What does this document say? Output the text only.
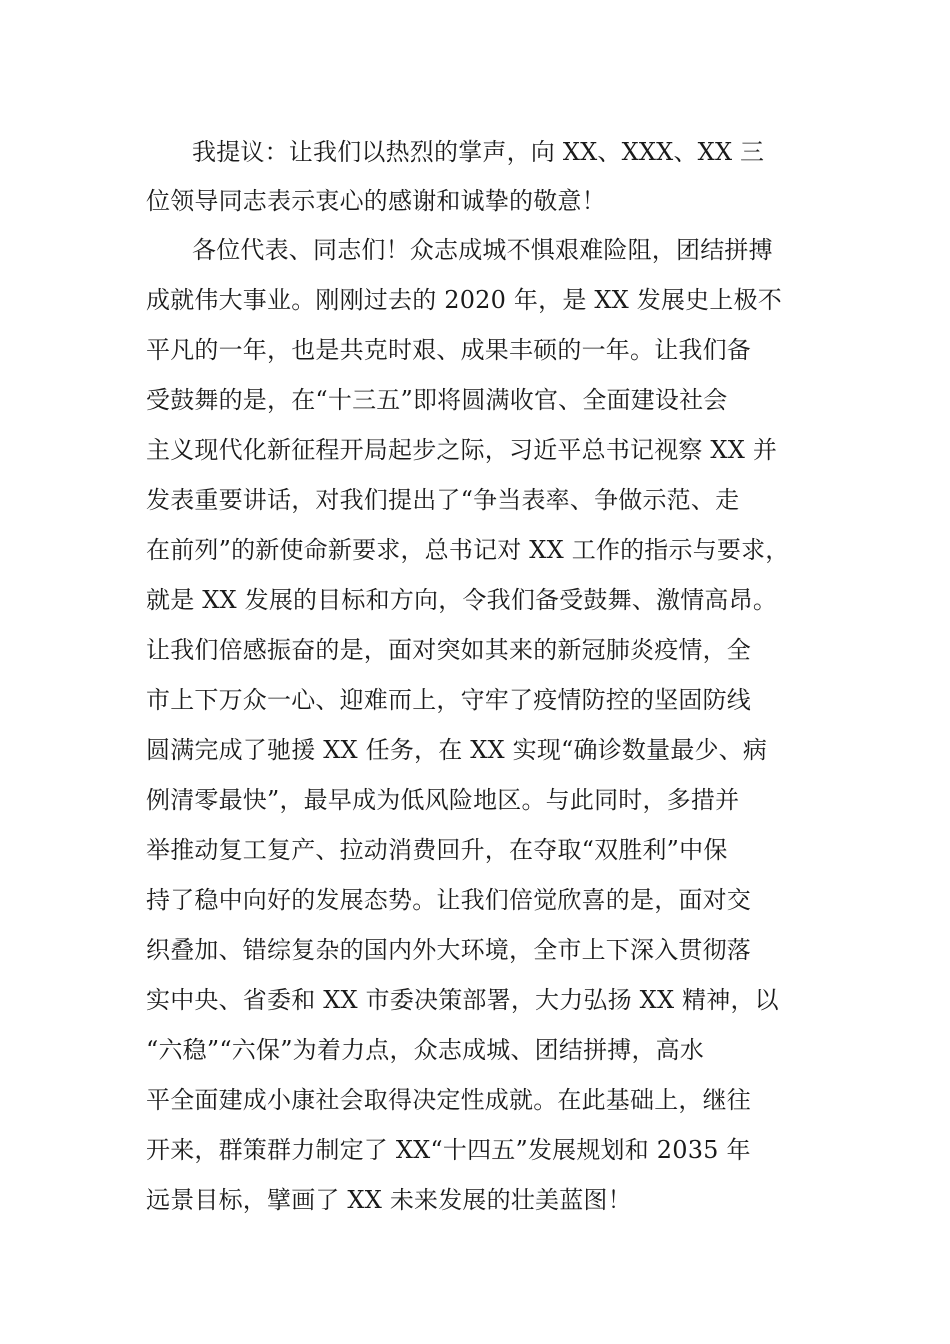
我提议：让我们以热烈的掌声，向 XX、XXX、XX 三
位领导同志表示衷心的感谢和诚挚的敬意！
各位代表、同志们！众志成城不惧艰难险阻，团结拼搏
成就伟大事业。刚刚过去的 2020 年，是 XX 发展史上极不
平凡的一年，也是共克时艰、成果丰硕的一年。让我们备
受鼓舞的是，在“十三五”即将圆满收官、全面建设社会
主义现代化新征程开局起步之际，习近平总书记视察 XX 并
发表重要讲话，对我们提出了“争当表率、争做示范、走
在前列”的新使命新要求，总书记对 XX 工作的指示与要求，
就是 XX 发展的目标和方向，令我们备受鼓舞、激情高昂。
让我们倍感振奋的是，面对突如其来的新冠肺炎疫情，全
市上下万众一心、迎难而上，守牢了疫情防控的坚固防线
圆满完成了驰援 XX 任务，在 XX 实现“确诊数量最少、病
例清零最快”，最早成为低风险地区。与此同时，多措并
举推动复工复产、拉动消费回升，在夺取“双胜利”中保
持了稳中向好的发展态势。让我们倍觉欣喜的是，面对交
织叠加、错综复杂的国内外大环境，全市上下深入贯彻落
实中央、省委和 XX 市委决策部署，大力弘扬 XX 精神，以
“六稳”“六保”为着力点，众志成城、团结拼搏，高水
平全面建成小康社会取得决定性成就。在此基础上，继往
开来，群策群力制定了 XX“十四五”发展规划和 2035 年
远景目标，擘画了 XX 未来发展的壮美蓝图！
